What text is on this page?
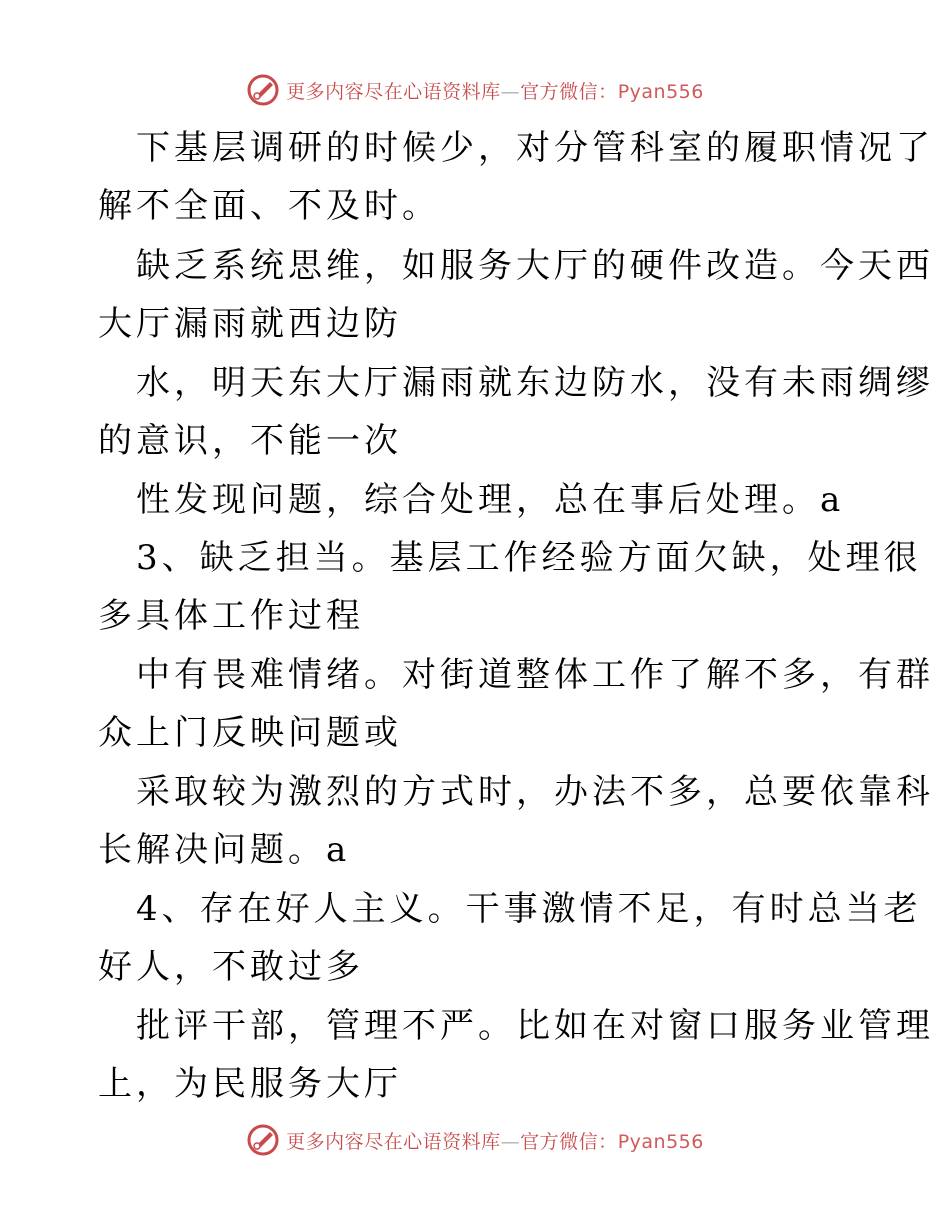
更多内容尽在心语资料库—官方微信：Pyan556
下基层调研的时候少，对分管科室的履职情况了
解不全面、不及时。
缺乏系统思维，如服务大厅的硬件改造。今天西
大厅漏雨就西边防
水，明天东大厅漏雨就东边防水，没有未雨绸缪
的意识，不能一次
性发现问题，综合处理，总在事后处理。a
3、缺乏担当。基层工作经验方面欠缺，处理很
多具体工作过程
中有畏难情绪。对街道整体工作了解不多，有群
众上门反映问题或
采取较为激烈的方式时，办法不多，总要依靠科
长解决问题。a
4、存在好人主义。干事激情不足，有时总当老
好人，不敢过多
批评干部，管理不严。比如在对窗口服务业管理
上，为民服务大厅
更多内容尽在心语资料库—官方微信：Pyan556
